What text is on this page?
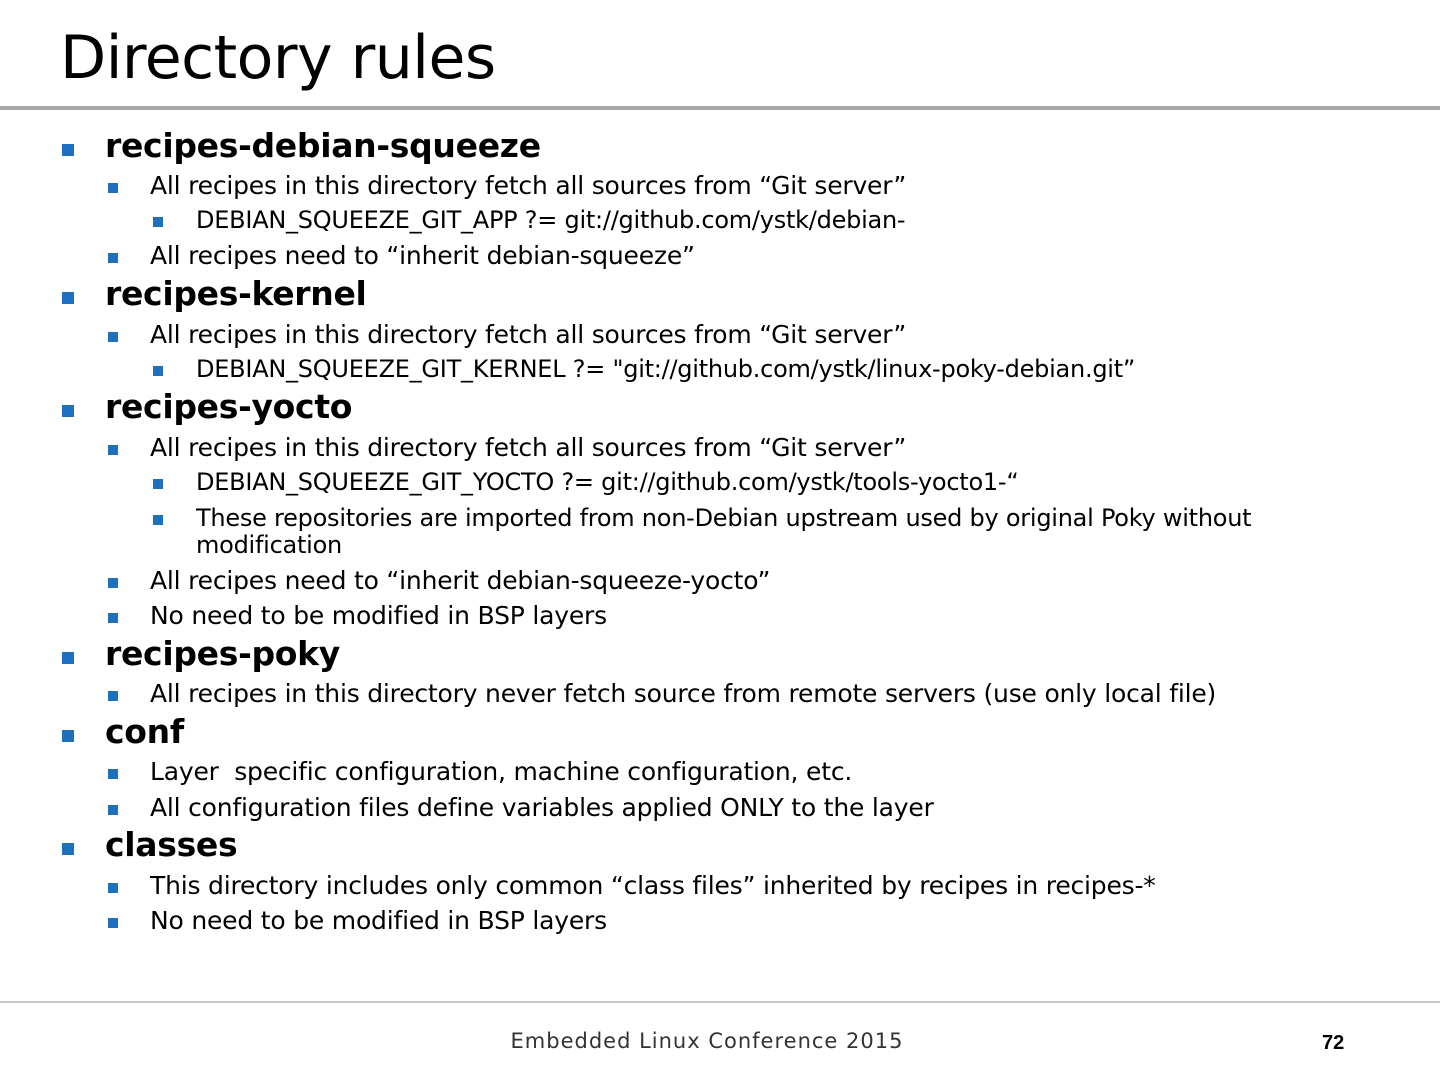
Directory rules
recipes-debian-squeeze
All recipes in this directory fetch all sources from “Git server”
DEBIAN_SQUEEZE_GIT_APP ?= git://github.com/ystk/debian-
All recipes need to “inherit debian-squeeze”
recipes-kernel
All recipes in this directory fetch all sources from “Git server”
DEBIAN_SQUEEZE_GIT_KERNEL ?= "git://github.com/ystk/linux-poky-debian.git”
recipes-yocto
All recipes in this directory fetch all sources from “Git server”
DEBIAN_SQUEEZE_GIT_YOCTO ?= git://github.com/ystk/tools-yocto1-“
These repositories are imported from non-Debian upstream used by original Poky without modification
All recipes need to “inherit debian-squeeze-yocto”
No need to be modified in BSP layers
recipes-poky
All recipes in this directory never fetch source from remote servers (use only local file)
conf
Layer  specific configuration, machine configuration, etc.
All configuration files define variables applied ONLY to the layer
classes
This directory includes only common “class files” inherited by recipes in recipes-*
No need to be modified in BSP layers
Embedded Linux Conference 2015	72
